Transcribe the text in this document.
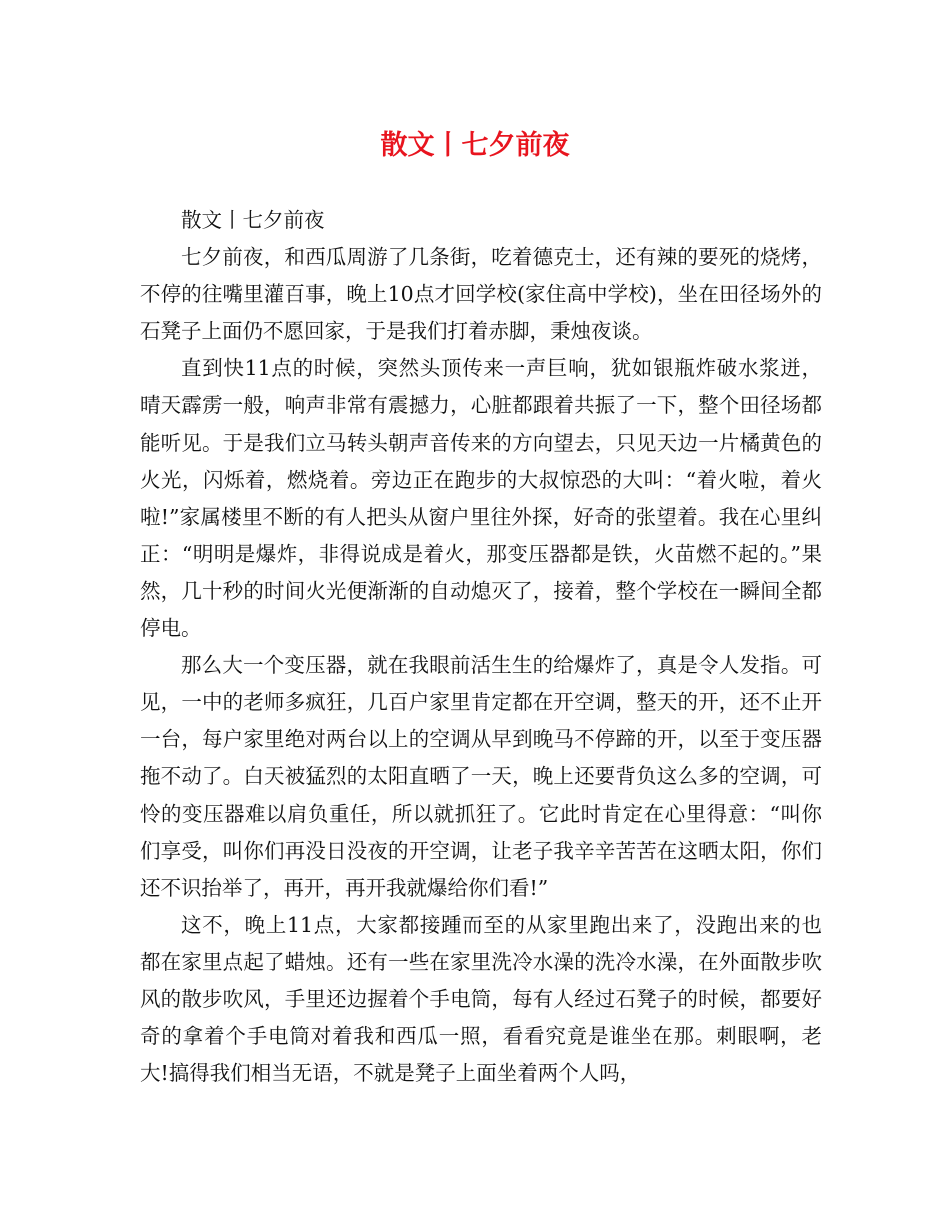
散文丨七夕前夜

散文丨七夕前夜

七夕前夜，和西瓜周游了几条街，吃着德克士，还有辣的要死的烧烤，不停的往嘴里灌百事，晚上10点才回学校(家住高中学校)，坐在田径场外的石凳子上面仍不愿回家，于是我们打着赤脚，秉烛夜谈。

直到快11点的时候，突然头顶传来一声巨响，犹如银瓶炸破水浆迸，晴天霹雳一般，响声非常有震撼力，心脏都跟着共振了一下，整个田径场都能听见。于是我们立马转头朝声音传来的方向望去，只见天边一片橘黄色的火光，闪烁着，燃烧着。旁边正在跑步的大叔惊恐的大叫：“着火啦，着火啦!”家属楼里不断的有人把头从窗户里往外探，好奇的张望着。我在心里纠正：“明明是爆炸，非得说成是着火，那变压器都是铁，火苗燃不起的。”果然，几十秒的时间火光便渐渐的自动熄灭了，接着，整个学校在一瞬间全都停电。

那么大一个变压器，就在我眼前活生生的给爆炸了，真是令人发指。可见，一中的老师多疯狂，几百户家里肯定都在开空调，整天的开，还不止开一台，每户家里绝对两台以上的空调从早到晚马不停蹄的开，以至于变压器拖不动了。白天被猛烈的太阳直晒了一天，晚上还要背负这么多的空调，可怜的变压器难以肩负重任，所以就抓狂了。它此时肯定在心里得意：“叫你们享受，叫你们再没日没夜的开空调，让老子我辛辛苦苦在这晒太阳，你们还不识抬举了，再开，再开我就爆给你们看!”

这不，晚上11点，大家都接踵而至的从家里跑出来了，没跑出来的也都在家里点起了蜡烛。还有一些在家里洗冷水澡的洗冷水澡，在外面散步吹风的散步吹风，手里还边握着个手电筒，每有人经过石凳子的时候，都要好奇的拿着个手电筒对着我和西瓜一照，看看究竟是谁坐在那。刺眼啊，老大!搞得我们相当无语，不就是凳子上面坐着两个人吗，
